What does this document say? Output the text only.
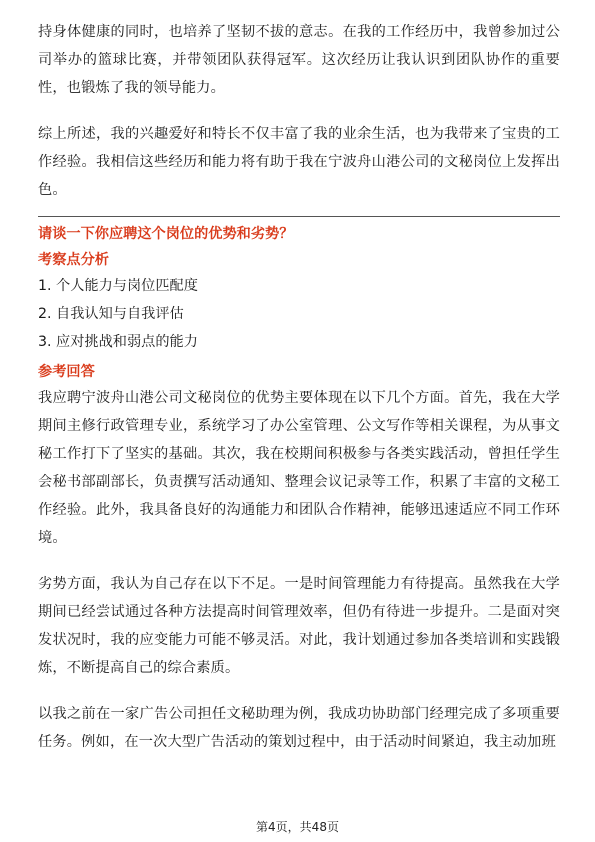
持身体健康的同时，也培养了坚韧不拔的意志。在我的工作经历中，我曾参加过公司举办的篮球比赛，并带领团队获得冠军。这次经历让我认识到团队协作的重要性，也锻炼了我的领导能力。

综上所述，我的兴趣爱好和特长不仅丰富了我的业余生活，也为我带来了宝贵的工作经验。我相信这些经历和能力将有助于我在宁波舟山港公司的文秘岗位上发挥出色。

请谈一下你应聘这个岗位的优势和劣势？

考察点分析

1. 个人能力与岗位匹配度

2. 自我认知与自我评估

3. 应对挑战和弱点的能力

参考回答

我应聘宁波舟山港公司文秘岗位的优势主要体现在以下几个方面。首先，我在大学期间主修行政管理专业，系统学习了办公室管理、公文写作等相关课程，为从事文秘工作打下了坚实的基础。其次，我在校期间积极参与各类实践活动，曾担任学生会秘书部副部长，负责撰写活动通知、整理会议记录等工作，积累了丰富的文秘工作经验。此外，我具备良好的沟通能力和团队合作精神，能够迅速适应不同工作环境。

劣势方面，我认为自己存在以下不足。一是时间管理能力有待提高。虽然我在大学期间已经尝试通过各种方法提高时间管理效率，但仍有待进一步提升。二是面对突发状况时，我的应变能力可能不够灵活。对此，我计划通过参加各类培训和实践锻炼，不断提高自己的综合素质。

以我之前在一家广告公司担任文秘助理为例，我成功协助部门经理完成了多项重要任务。例如，在一次大型广告活动的策划过程中，由于活动时间紧迫，我主动加班

第4页，共48页
